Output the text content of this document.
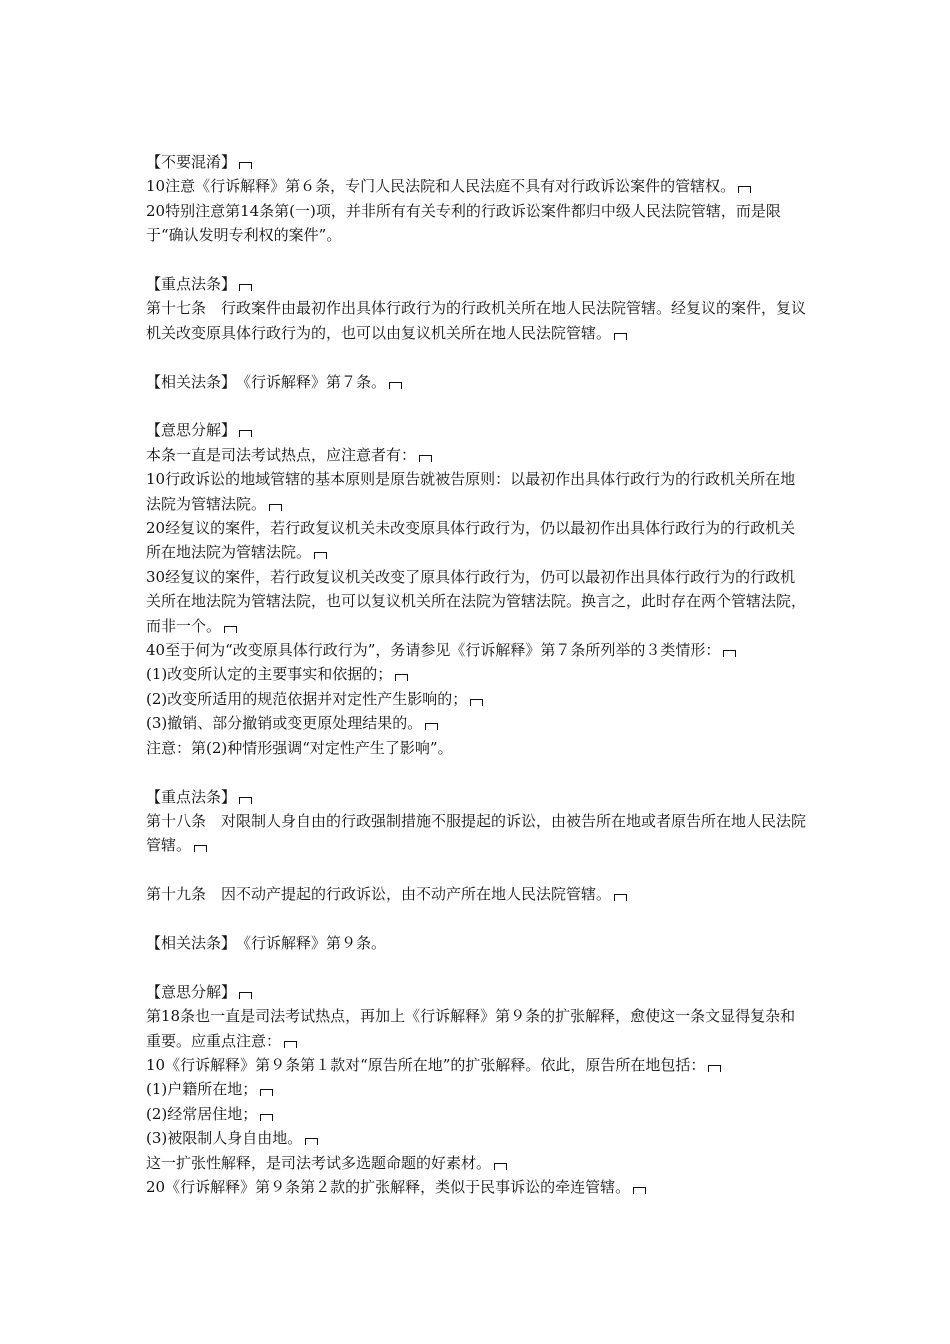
【不要混淆】
10注意《行诉解释》第６条，专门人民法院和人民法庭不具有对行政诉讼案件的管辖权。
20特别注意第14条第(一)项，并非所有有关专利的行政诉讼案件都归中级人民法院管辖，而是限于“确认发明专利权的案件”。
【重点法条】
第十七条　行政案件由最初作出具体行政行为的行政机关所在地人民法院管辖。经复议的案件，复议机关改变原具体行政行为的，也可以由复议机关所在地人民法院管辖。
【相关法条】　《行诉解释》第７条。
【意思分解】
本条一直是司法考试热点，应注意者有：
10行政诉讼的地域管辖的基本原则是原告就被告原则：以最初作出具体行政行为的行政机关所在地法院为管辖法院。
20经复议的案件，若行政复议机关未改变原具体行政行为，仍以最初作出具体行政行为的行政机关所在地法院为管辖法院。
30经复议的案件，若行政复议机关改变了原具体行政行为，仍可以最初作出具体行政行为的行政机关所在地法院为管辖法院，也可以复议机关所在法院为管辖法院。换言之，此时存在两个管辖法院，而非一个。
40至于何为“改变原具体行政行为”，务请参见《行诉解释》第７条所列举的３类情形：
(1)改变所认定的主要事实和依据的；
(2)改变所适用的规范依据并对定性产生影响的；
(3)撤销、部分撤销或变更原处理结果的。
注意：第(2)种情形强调“对定性产生了影响”。
【重点法条】
第十八条　对限制人身自由的行政强制措施不服提起的诉讼，由被告所在地或者原告所在地人民法院管辖。
第十九条　因不动产提起的行政诉讼，由不动产所在地人民法院管辖。
【相关法条】　《行诉解释》第９条。
【意思分解】
第18条也一直是司法考试热点，再加上《行诉解释》第９条的扩张解释，愈使这一条文显得复杂和重要。应重点注意：
10《行诉解释》第９条第１款对“原告所在地”的扩张解释。依此，原告所在地包括：
(1)户籍所在地；
(2)经常居住地；
(3)被限制人身自由地。
这一扩张性解释，是司法考试多选题命题的好素材。
20《行诉解释》第９条第２款的扩张解释，类似于民事诉讼的牵连管辖。
